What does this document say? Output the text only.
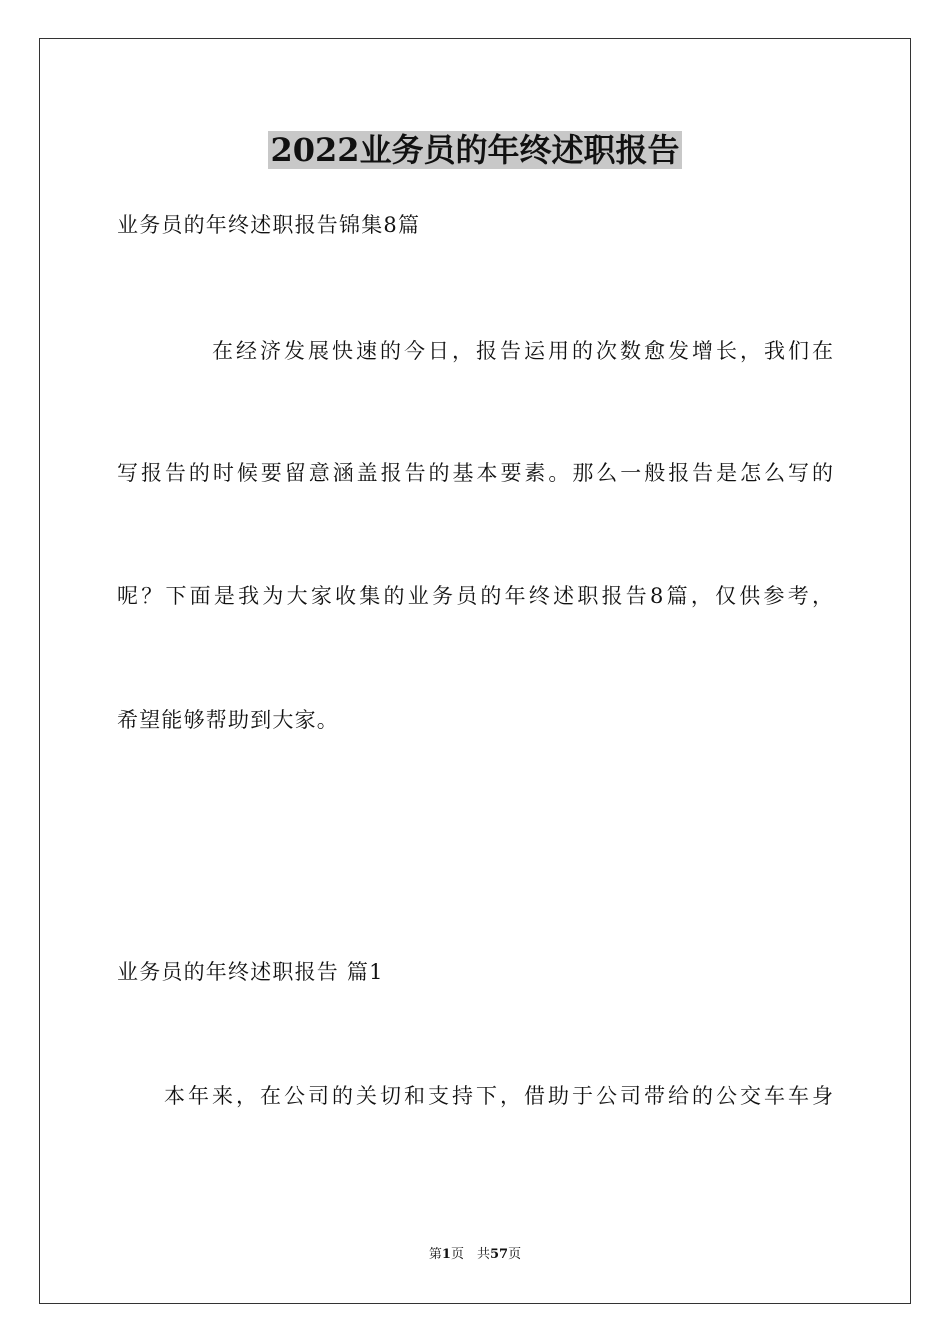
2022业务员的年终述职报告
业务员的年终述职报告锦集8篇
在经济发展快速的今日，报告运用的次数愈发增长，我们在
写报告的时候要留意涵盖报告的基本要素。那么一般报告是怎么写的
呢？下面是我为大家收集的业务员的年终述职报告8篇，仅供参考，
希望能够帮助到大家。
业务员的年终述职报告 篇1
本年来，在公司的关切和支持下，借助于公司带给的公交车车身
第1页　共57页
